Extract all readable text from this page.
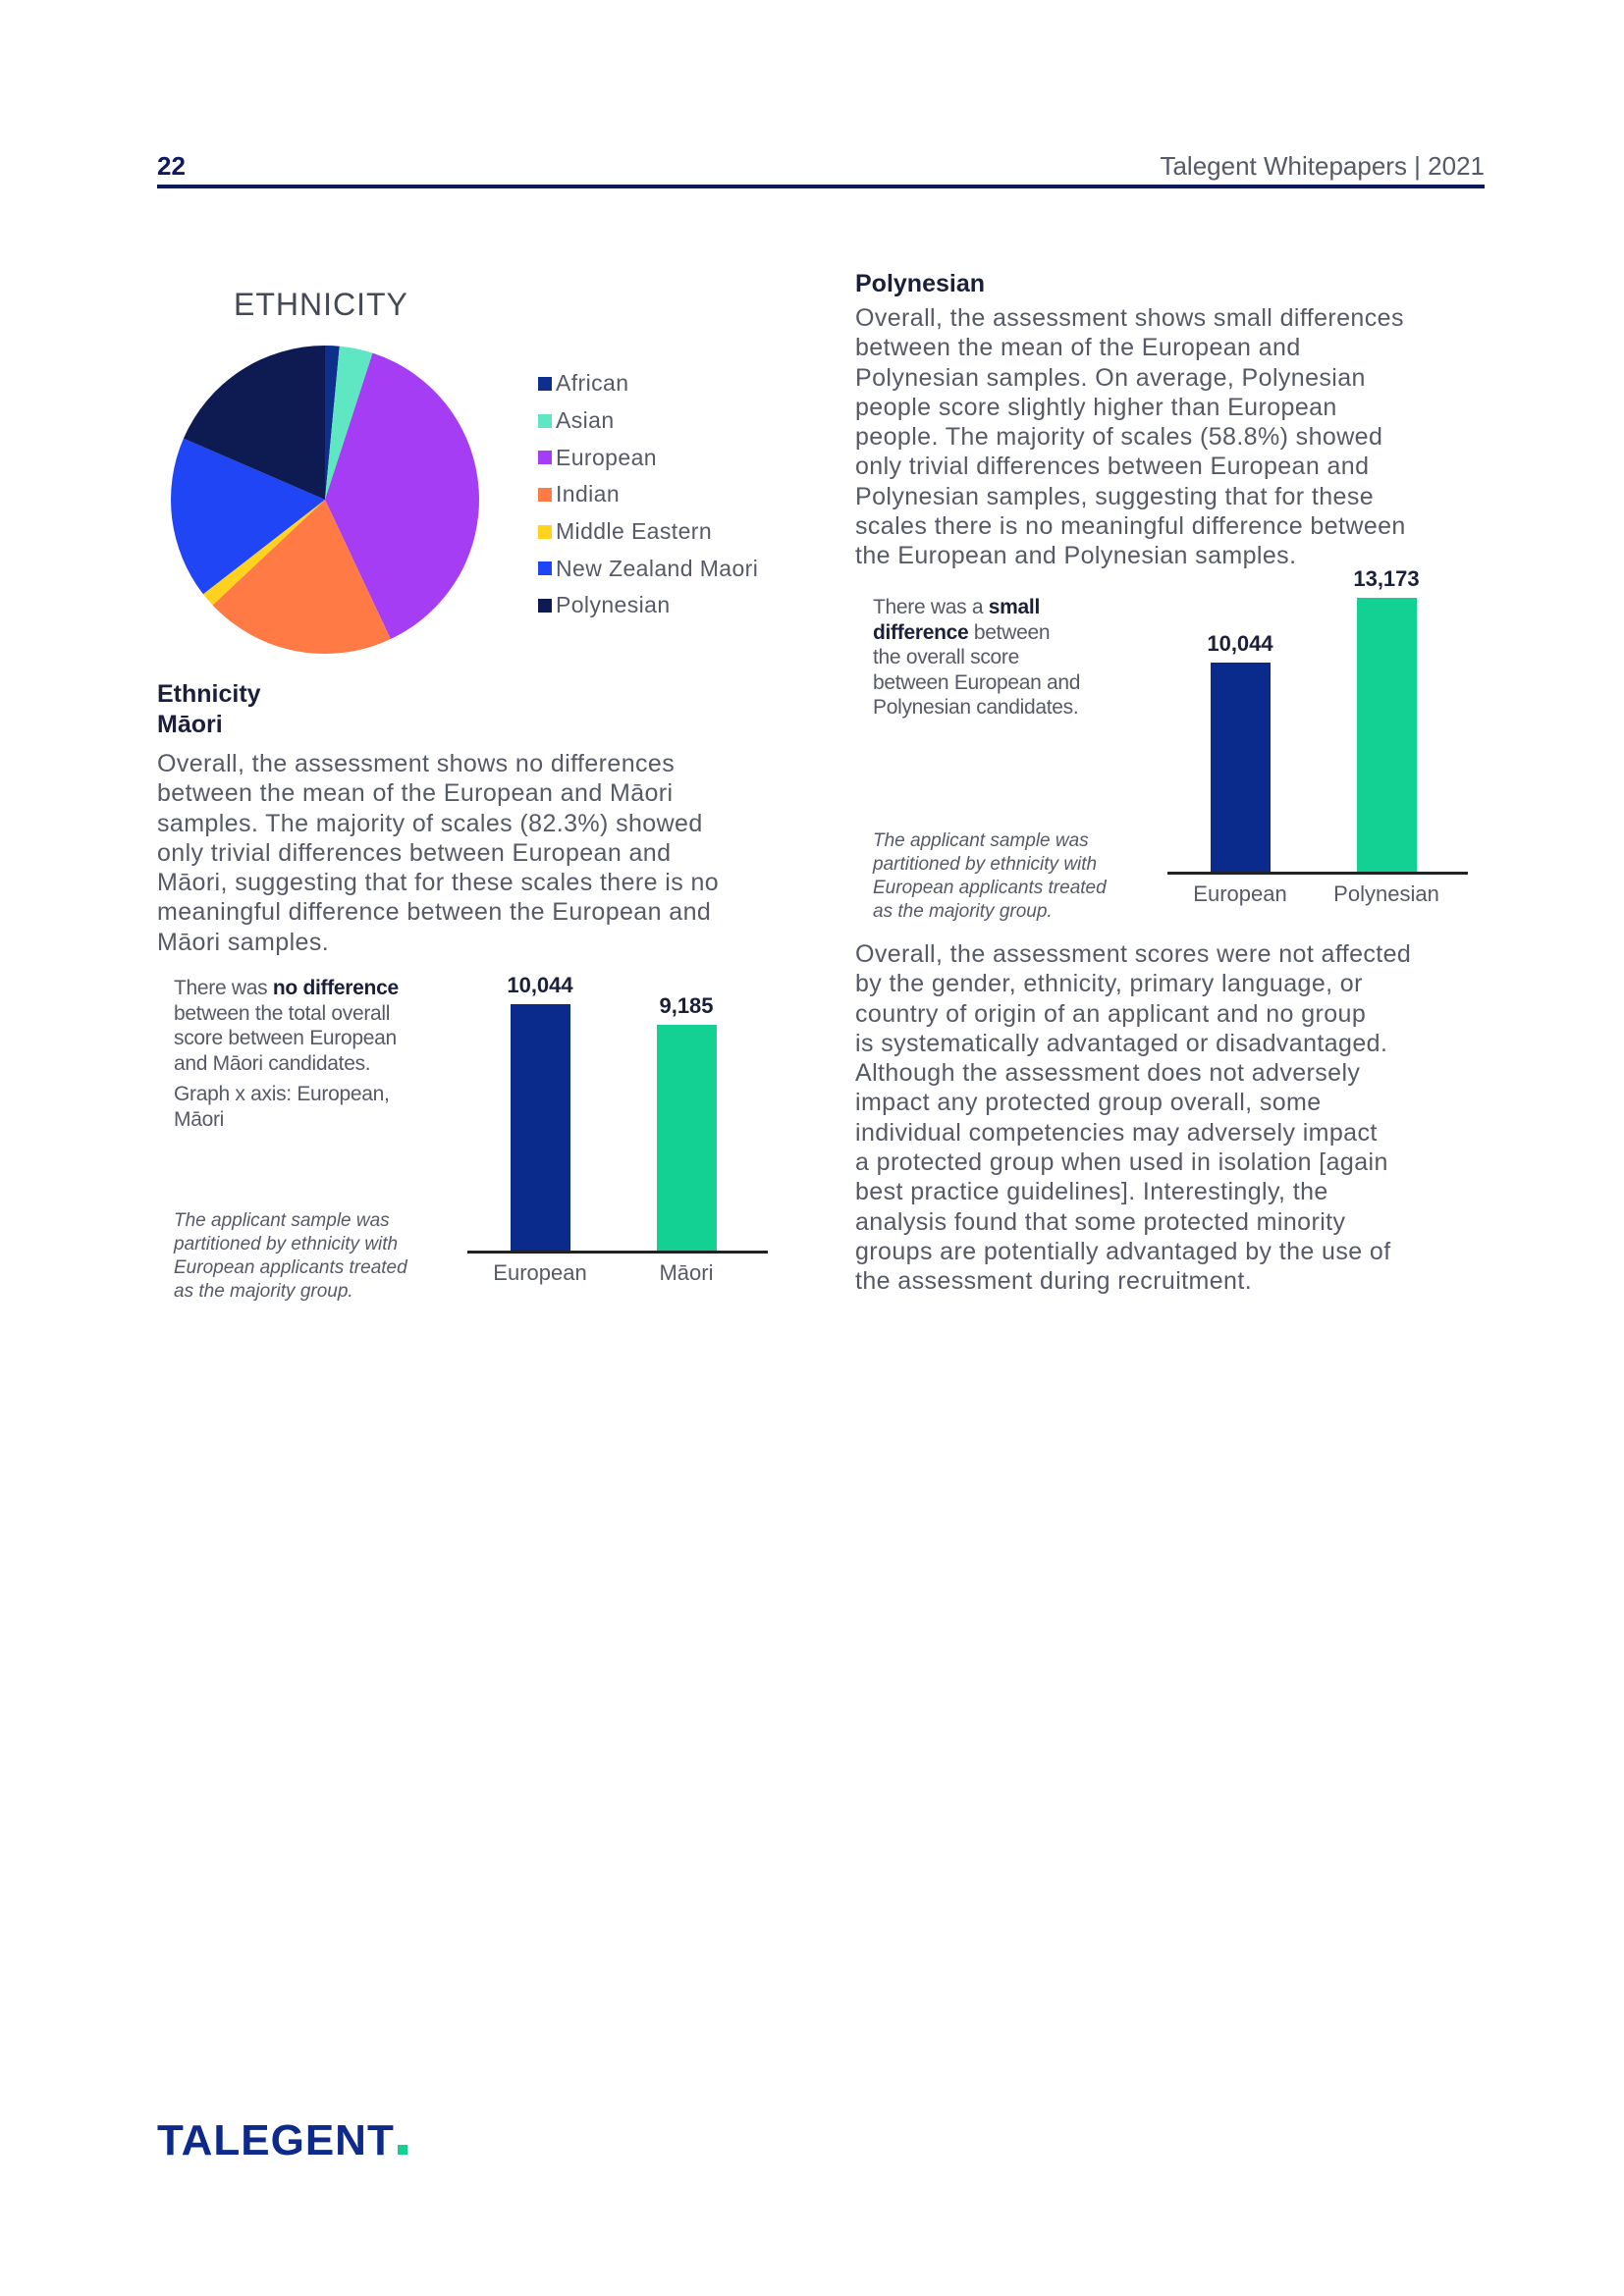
22	Talegent Whitepapers | 2021
ETHNICITY
African
Asian
European
Indian
Middle Eastern
New Zealand Maori
Polynesian
Ethnicity
Māori
Overall, the assessment shows no differences
between the mean of the European and Māori
samples. The majority of scales (82.3%) showed
only trivial differences between European and
Māori, suggesting that for these scales there is no
meaningful difference between the European and
Māori samples.
There was no difference
between the total overall
score between European
and Māori candidates.
Graph x axis: European,
Māori
The applicant sample was
partitioned by ethnicity with
European applicants treated
as the majority group.
10,044
9,185
European	Māori
Polynesian
Overall, the assessment shows small differences
between the mean of the European and
Polynesian samples. On average, Polynesian
people score slightly higher than European
people. The majority of scales (58.8%) showed
only trivial differences between European and
Polynesian samples, suggesting that for these
scales there is no meaningful difference between
the European and Polynesian samples.
There was a small
difference between
the overall score
between European and
Polynesian candidates.
The applicant sample was
partitioned by ethnicity with
European applicants treated
as the majority group.
10,044
13,173
European	Polynesian
Overall, the assessment scores were not affected
by the gender, ethnicity, primary language, or
country of origin of an applicant and no group
is systematically advantaged or disadvantaged.
Although the assessment does not adversely
impact any protected group overall, some
individual competencies may adversely impact
a protected group when used in isolation [again
best practice guidelines]. Interestingly, the
analysis found that some protected minority
groups are potentially advantaged by the use of
the assessment during recruitment.
TALEGENT
